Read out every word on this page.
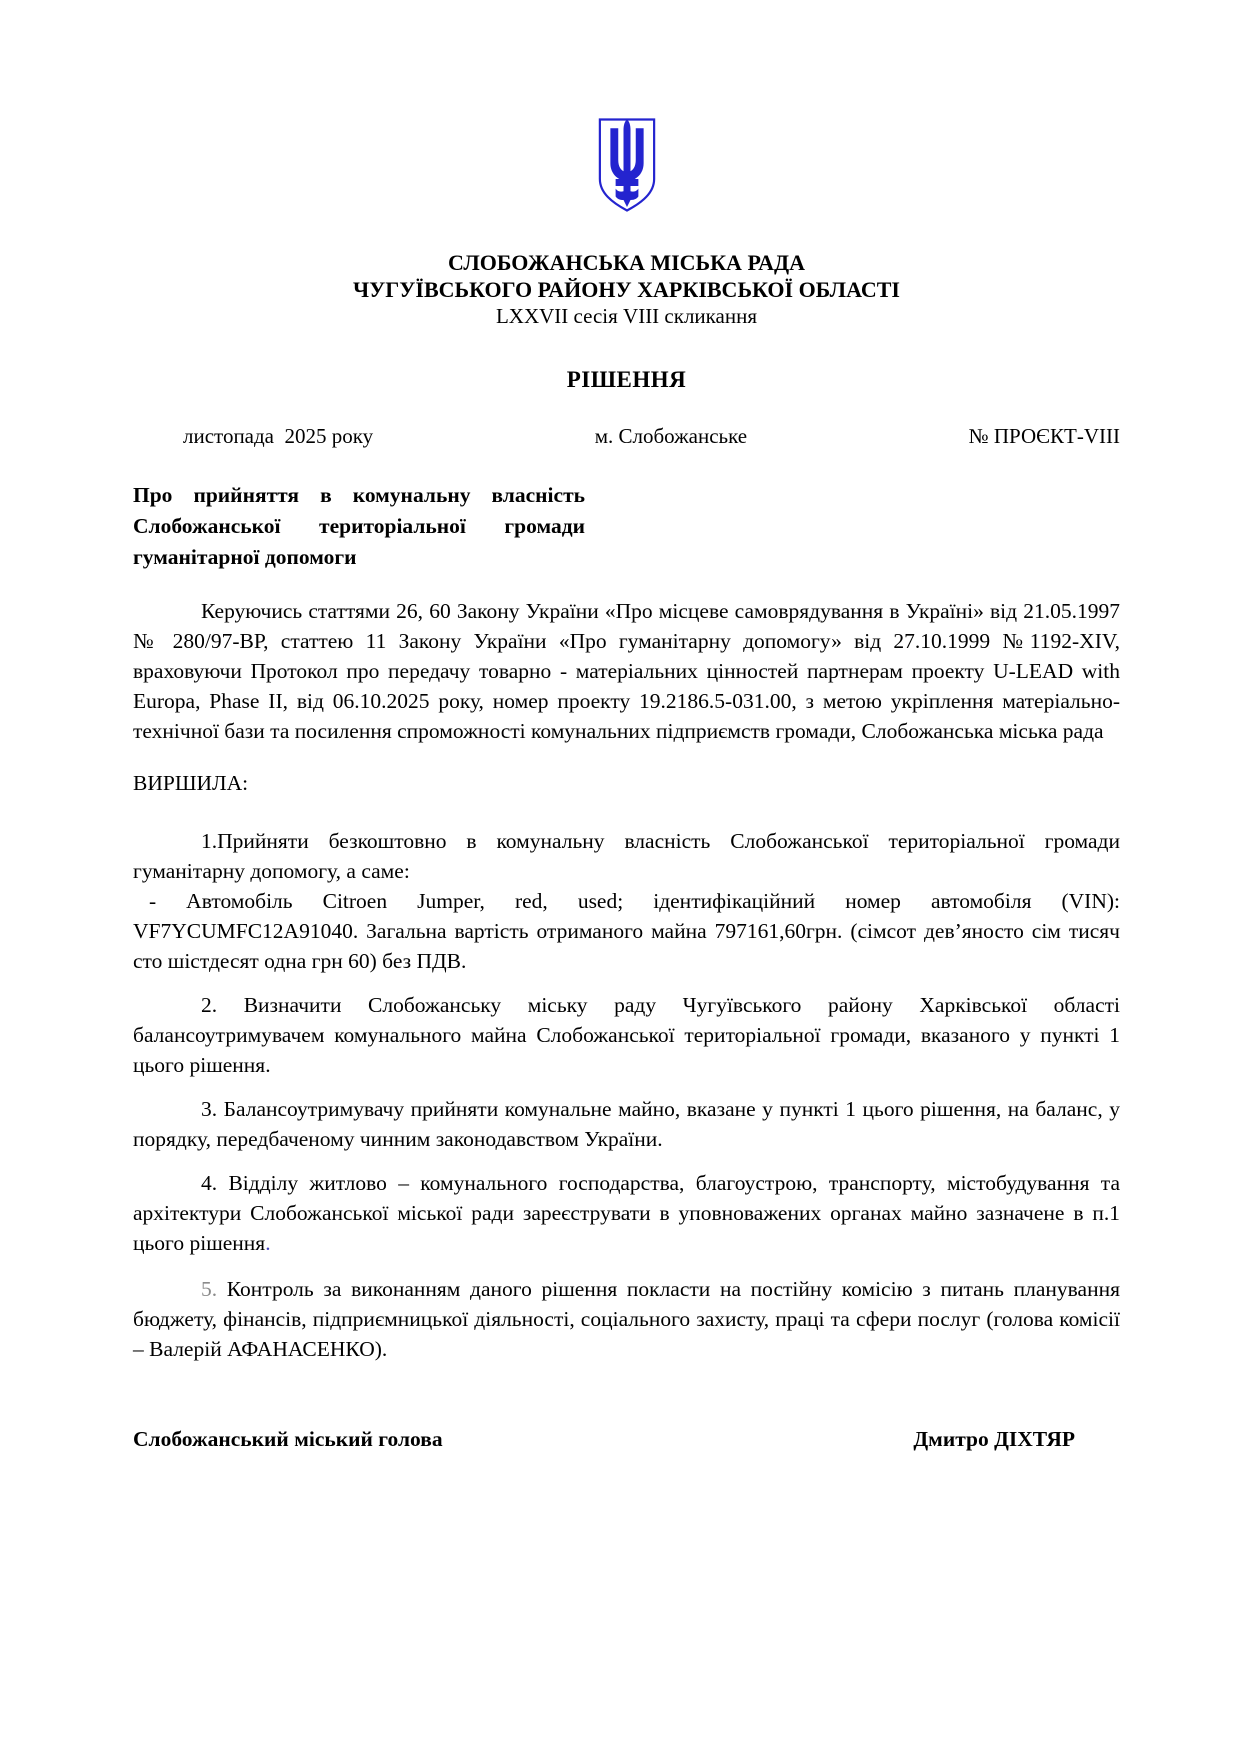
СЛОБОЖАНСЬКА МІСЬКА РАДА
ЧУГУЇВСЬКОГО РАЙОНУ ХАРКІВСЬКОЇ ОБЛАСТІ
LXXVII сесія VIII скликання
РІШЕННЯ
листопада  2025 року	м. Слобожанське	№ ПРОЄКТ-VIII
Про прийняття в комунальну власність Слобожанської територіальної громади гуманітарної допомоги

Керуючись статтями 26, 60 Закону України «Про місцеве самоврядування в Україні» від 21.05.1997 № 280/97-ВР, статтею 11 Закону України «Про гуманітарну допомогу» від 27.10.1999 №1192-XIV, враховуючи Протокол про передачу товарно - матеріальних цінностей партнерам проекту U-LEAD with Europa, Phase II, від 06.10.2025 року, номер проекту 19.2186.5-031.00, з метою укріплення матеріально-технічної бази та посилення спроможності комунальних підприємств громади, Слобожанська міська рада

ВИРШИЛА:

1.Прийняти безкоштовно в комунальну власність Слобожанської територіальної громади гуманітарну допомогу, а саме:

- Автомобіль Citroen Jumper, red, used; ідентифікаційний номер автомобіля (VIN): VF7YCUMFC12A91040. Загальна вартість отриманого майна 797161,60грн. (сімсот дев’яносто сім тисяч сто шістдесят одна грн 60) без ПДВ.

2. Визначити Слобожанську міську раду Чугуївського району Харківської області балансоутримувачем комунального майна Слобожанської територіальної громади, вказаного у пункті 1 цього рішення.

3. Балансоутримувачу прийняти комунальне майно, вказане у пункті 1 цього рішення, на баланс, у порядку, передбаченому чинним законодавством України.

4. Відділу житлово – комунального господарства, благоустрою, транспорту, містобудування та архітектури Слобожанської міської ради зареєструвати в уповноважених органах майно зазначене в п.1 цього рішення.

5. Контроль за виконанням даного рішення покласти на постійну комісію з питань планування бюджету, фінансів, підприємницької діяльності, соціального захисту, праці та сфери послуг (голова комісії – Валерій АФАНАСЕНКО).

Слобожанський міський голова	Дмитро ДІХТЯР
